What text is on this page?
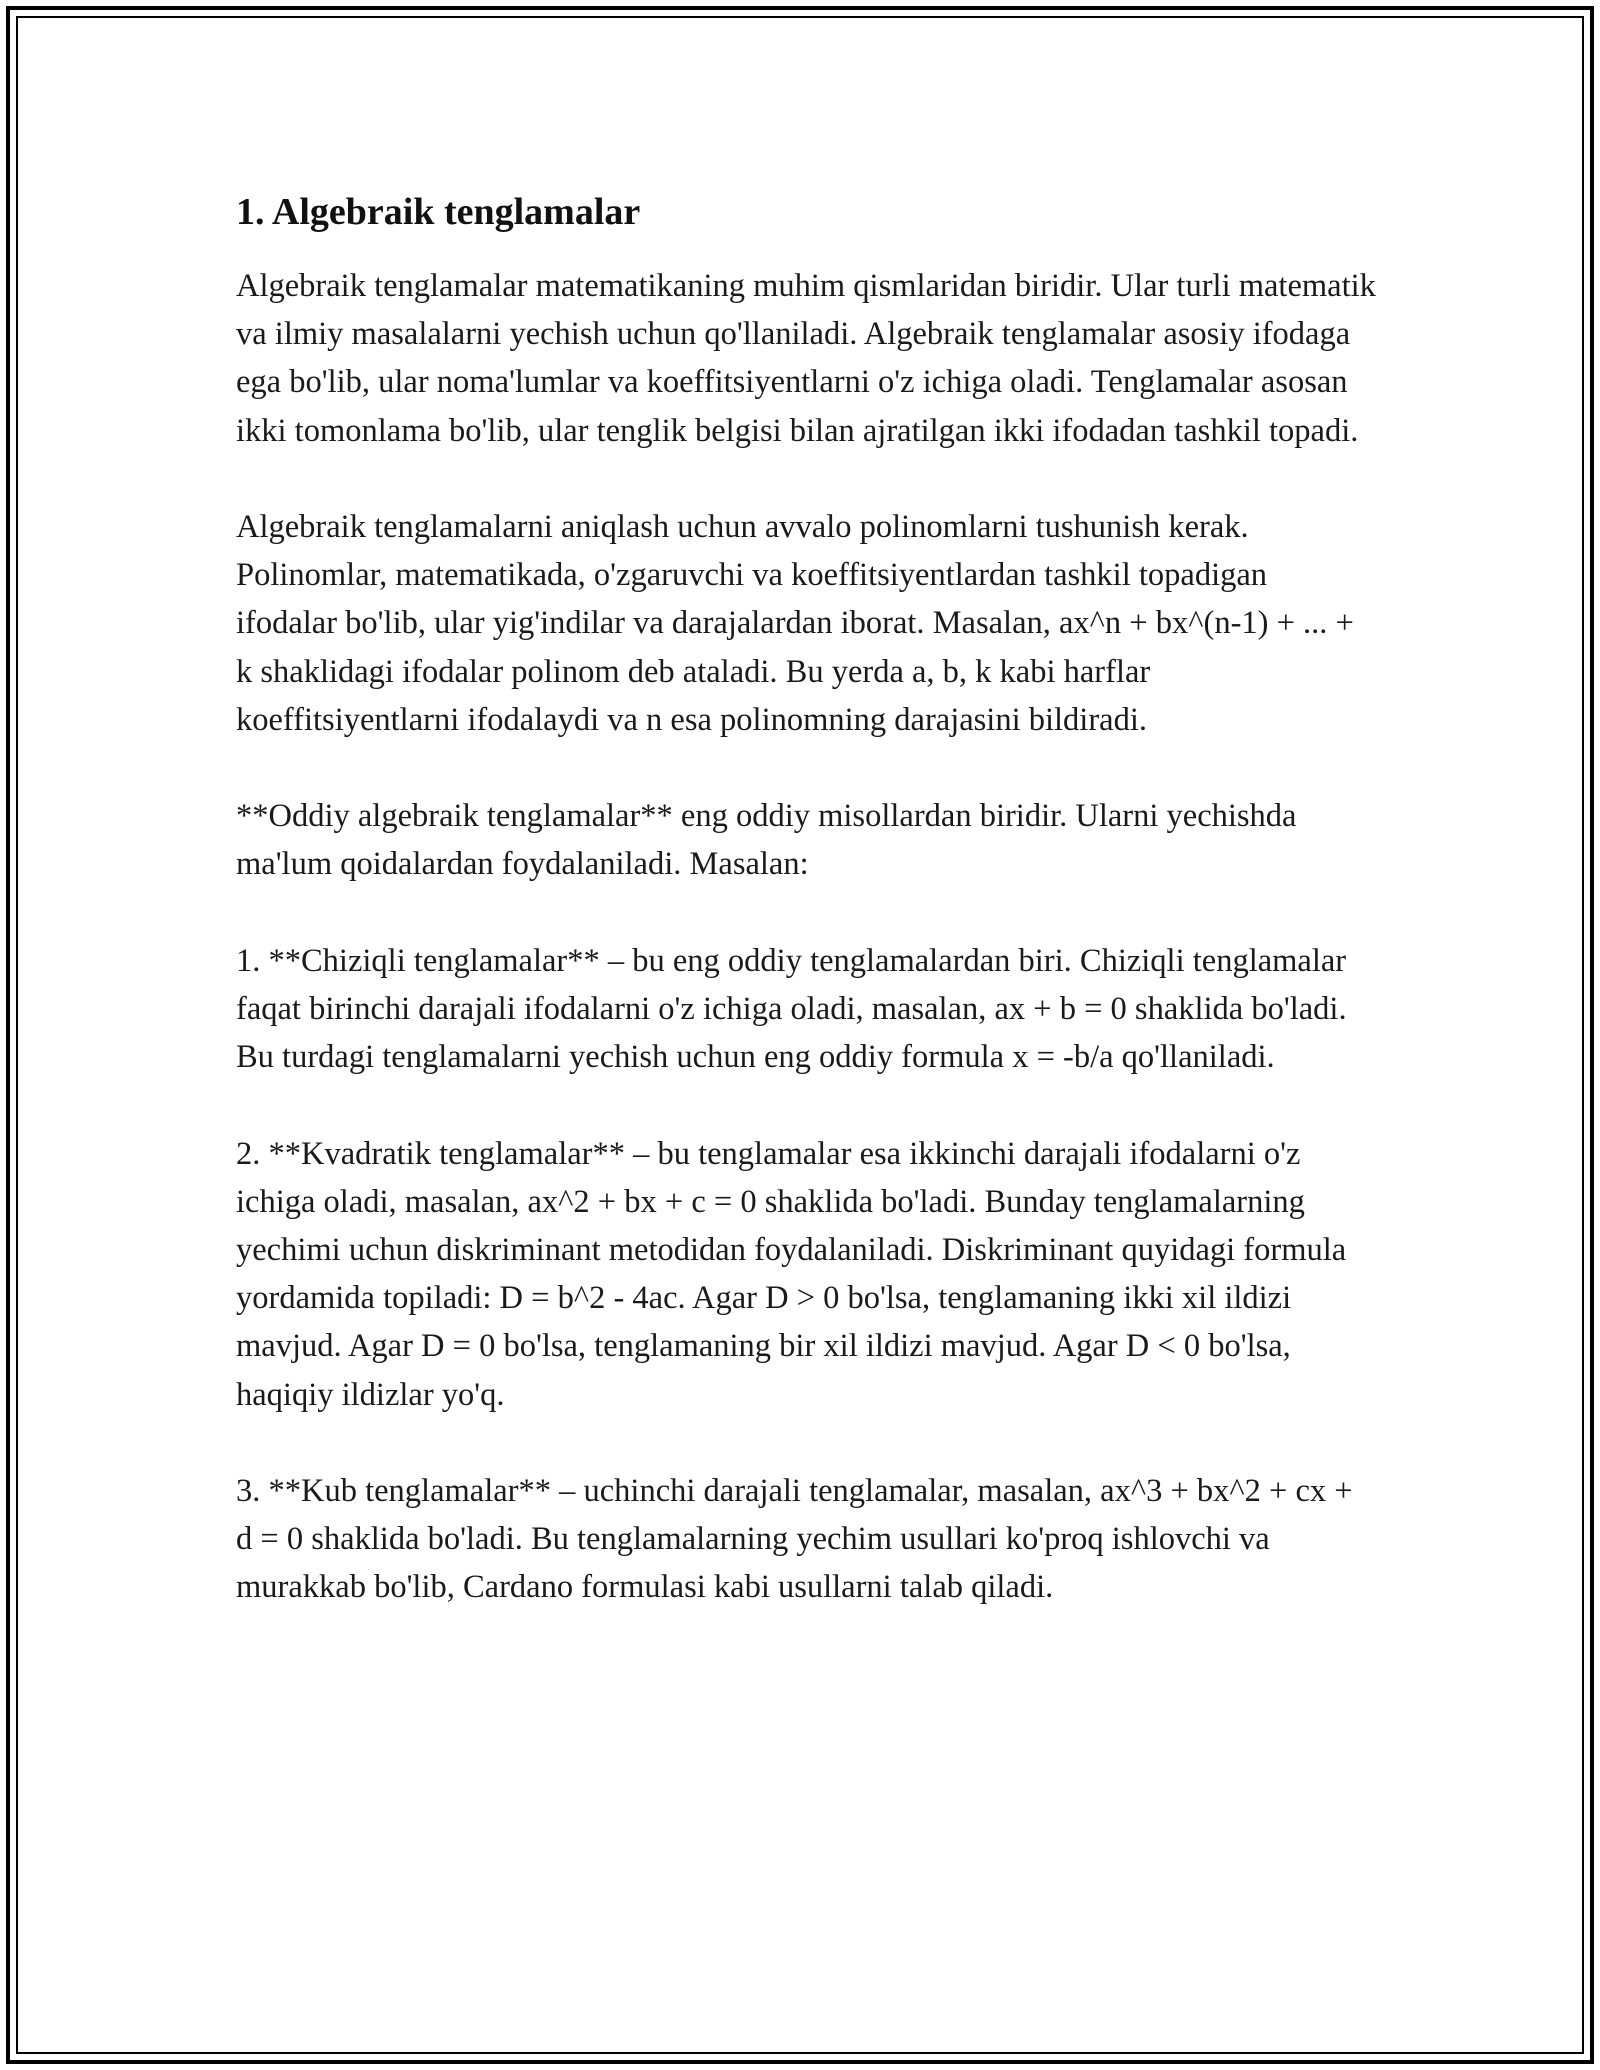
1. Algebraik tenglamalar

Algebraik tenglamalar matematikaning muhim qismlaridan biridir. Ular turli matematik va ilmiy masalalarni yechish uchun qo'llaniladi. Algebraik tenglamalar asosiy ifodaga ega bo'lib, ular noma'lumlar va koeffitsiyentlarni o'z ichiga oladi. Tenglamalar asosan ikki tomonlama bo'lib, ular tenglik belgisi bilan ajratilgan ikki ifodadan tashkil topadi.

Algebraik tenglamalarni aniqlash uchun avvalo polinomlarni tushunish kerak. Polinomlar, matematikada, o'zgaruvchi va koeffitsiyentlardan tashkil topadigan ifodalar bo'lib, ular yig'indilar va darajalardan iborat. Masalan, ax^n + bx^(n-1) + ... + k shaklidagi ifodalar polinom deb ataladi. Bu yerda a, b, k kabi harflar koeffitsiyentlarni ifodalaydi va n esa polinomning darajasini bildiradi.

**Oddiy algebraik tenglamalar** eng oddiy misollardan biridir. Ularni yechishda ma'lum qoidalardan foydalaniladi. Masalan:

1. **Chiziqli tenglamalar** – bu eng oddiy tenglamalardan biri. Chiziqli tenglamalar faqat birinchi darajali ifodalarni o'z ichiga oladi, masalan, ax + b = 0 shaklida bo'ladi. Bu turdagi tenglamalarni yechish uchun eng oddiy formula x = -b/a qo'llaniladi.

2. **Kvadratik tenglamalar** – bu tenglamalar esa ikkinchi darajali ifodalarni o'z ichiga oladi, masalan, ax^2 + bx + c = 0 shaklida bo'ladi. Bunday tenglamalarning yechimi uchun diskriminant metodidan foydalaniladi. Diskriminant quyidagi formula yordamida topiladi: D = b^2 - 4ac. Agar D > 0 bo'lsa, tenglamaning ikki xil ildizi mavjud. Agar D = 0 bo'lsa, tenglamaning bir xil ildizi mavjud. Agar D < 0 bo'lsa, haqiqiy ildizlar yo'q.

3. **Kub tenglamalar** – uchinchi darajali tenglamalar, masalan, ax^3 + bx^2 + cx + d = 0 shaklida bo'ladi. Bu tenglamalarning yechim usullari ko'proq ishlovchi va murakkab bo'lib, Cardano formulasi kabi usullarni talab qiladi.
